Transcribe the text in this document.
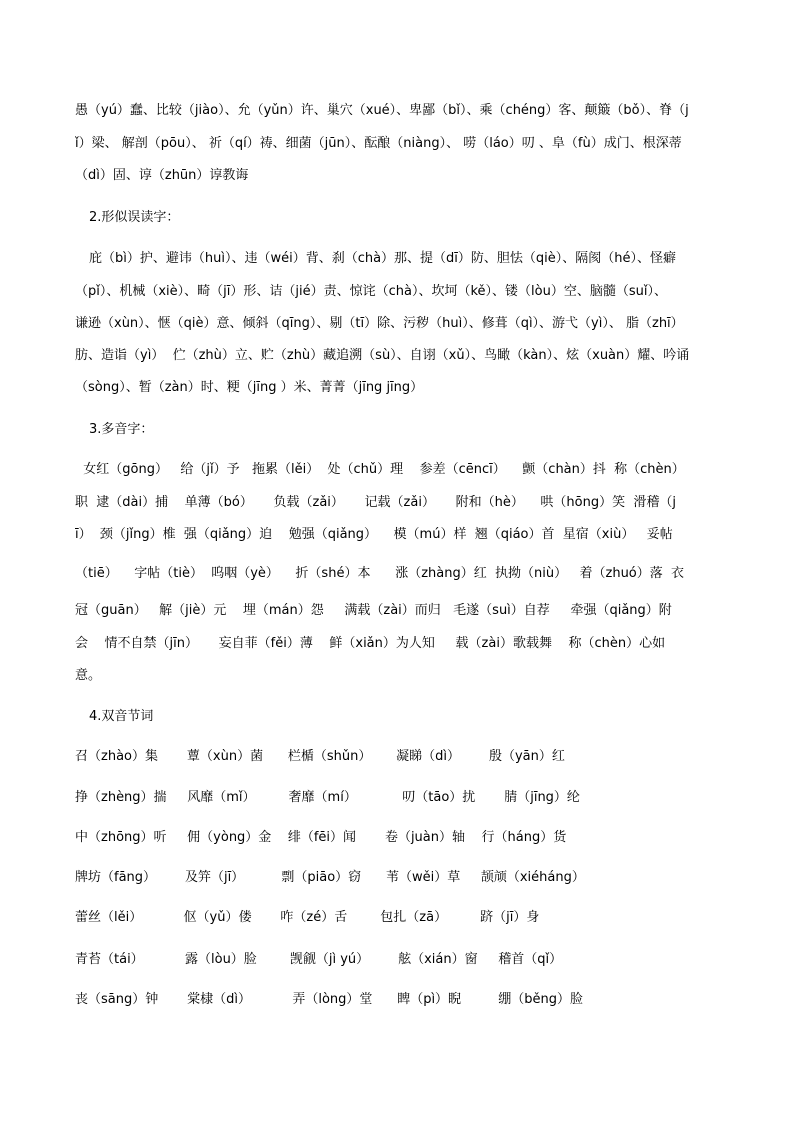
愚（yú）蠢、比较（jiào）、允（yǔn）许、巢穴（xué）、卑鄙（bǐ）、乘（chéng）客、颠簸（bǒ）、脊（j
ǐ）梁、 解剖（pōu）、 祈（qí）祷、细菌（jūn）、酝酿（niàng）、 唠（láo）叨 、阜（fù）成门、根深蒂
（dì）固、谆（zhūn）谆教诲
2.形似误读字：
庇（bì）护、避讳（huì）、违（wéi）背、刹（chà）那、提（dī）防、胆怯（qiè）、隔阂（hé）、怪癖
（pǐ）、机械（xiè）、畸（jī）形、诘（jié）责、惊诧（chà）、坎坷（kě）、镂（lòu）空、脑髓（suǐ）、
谦逊（xùn）、惬（qiè）意、倾斜（qīng）、剔（tī）除、污秽（huì）、修葺（qì）、游弋（yì）、 脂（zhī）
肪、造诣（yì）  伫（zhù）立、贮（zhù）藏追溯（sù）、自诩（xǔ）、鸟瞰（kàn）、炫（xuàn）耀、吟诵
（sòng）、暂（zàn）时、粳（jīng ）米、菁菁（jīng jīng）
3.多音字：
女红（gōng）   给（jǐ）予   拖累（lěi）  处（chǔ）理    参差（cēncī）    颤（chàn）抖  称（chèn）
职  逮（dài）捕    单薄（bó）     负载（zǎi）     记载（zǎi）     附和（hè）    哄（hōng）笑  滑稽（j
ī）  颈（jǐng）椎  强（qiǎng）迫    勉强（qiǎng）    模（mú）样  翘（qiáo）首  星宿（xiù）   妥帖
（tiē）    字帖（tiè）  呜咽（yè）    折（shé）本      涨（zhàng）红  执拗（niù）   着（zhuó）落  衣
冠（guān）   解（jiè）元    埋（mán）怨     满载（zài）而归   毛遂（suì）自荐     牵强（qiǎng）附
会    情不自禁（jīn）     妄自菲（fěi）薄    鲜（xiǎn）为人知     载（zài）歌载舞    称（chèn）心如
意。
4.双音节词
召（zhào）集       蕈（xùn）菌      栏楯（shǔn）      凝睇（dì）       殷（yān）红
挣（zhèng）揣     风靡（mǐ）        奢靡（mí）           叨（tāo）扰       腈（jīng）纶
中（zhōng）听     佣（yòng）金    绯（fēi）闻       卷（juàn）轴    行（háng）货
牌坊（fāng）       及笄（jī）         剽（piāo）窃      苇（wěi）草     颉颃（xiéháng）
蕾丝（lěi）          伛（yǔ）偻       咋（zé）舌        包扎（zā）        跻（jī）身
青苔（tái）          露（lòu）脸        觊觎（jì yú）       舷（xián）窗     稽首（qǐ）
丧（sāng）钟       棠棣（dì）          弄（lòng）堂      睥（pì）睨         绷（běng）脸
